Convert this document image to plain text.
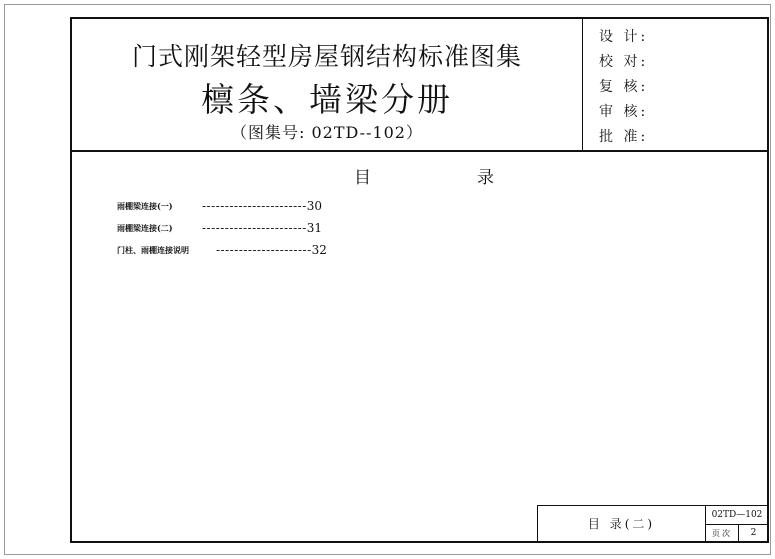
门式刚架轻型房屋钢结构标准图集
檩条、墙梁分册
（图集号: 02TD--102）
设 计:
校 对:
复 核:
审 核:
批 准:
目	录
雨棚梁连接(一) -----------------------30
雨棚梁连接(二) -----------------------31
门柱、雨棚连接说明 ---------------------32
目 录(二)
02TD—102
页次	2
